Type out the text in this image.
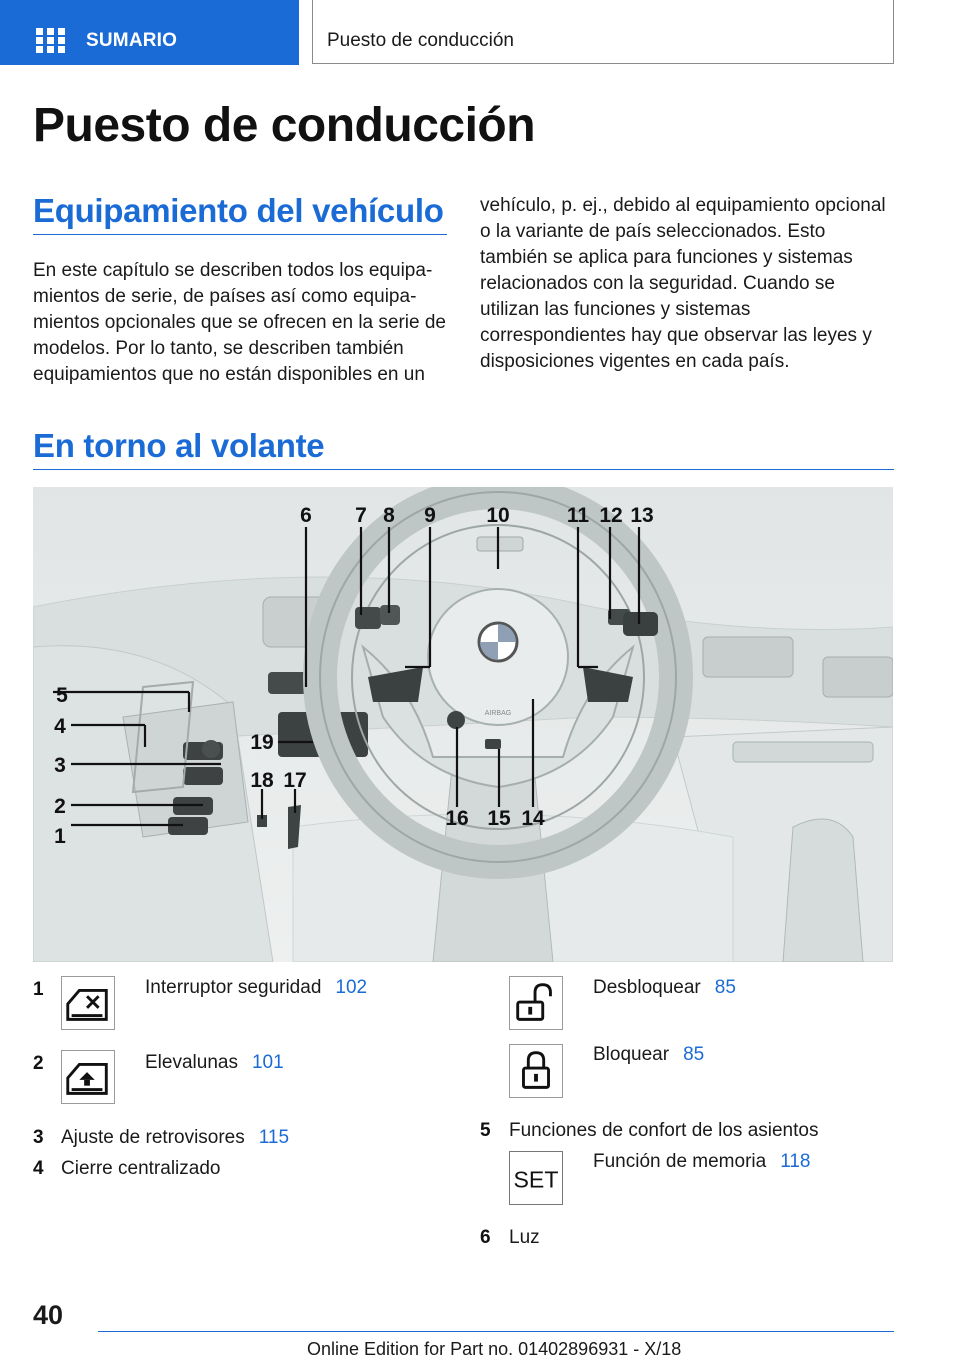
SUMARIO	Puesto de conducción
Puesto de conducción
Equipamiento del vehículo

En este capítulo se describen todos los equipamientos de serie, de países así como equipamientos opcionales que se ofrecen en la serie de modelos. Por lo tanto, se describen también equipamientos que no están disponibles en un

vehículo, p. ej., debido al equipamiento opcional o la variante de país seleccionados. Esto también se aplica para funciones y sistemas relacionados con la seguridad. Cuando se utilizan las funciones y sistemas correspondientes hay que observar las leyes y disposiciones vigentes en cada país.

En torno al volante
AIRBAG
5
4
3
2
1
6 7 8 9 10	11 12 13
14
15
16
17
18
19
1	Interruptor seguridad 102
2	Elevalunas 101
3 Ajuste de retrovisores 115
4 Cierre centralizado
Desbloquear 85
Bloquear 85
5 Funciones de confort de los asientos
SET
Función de memoria 118
6 Luz
40
Online Edition for Part no. 01402896931 - X/18
